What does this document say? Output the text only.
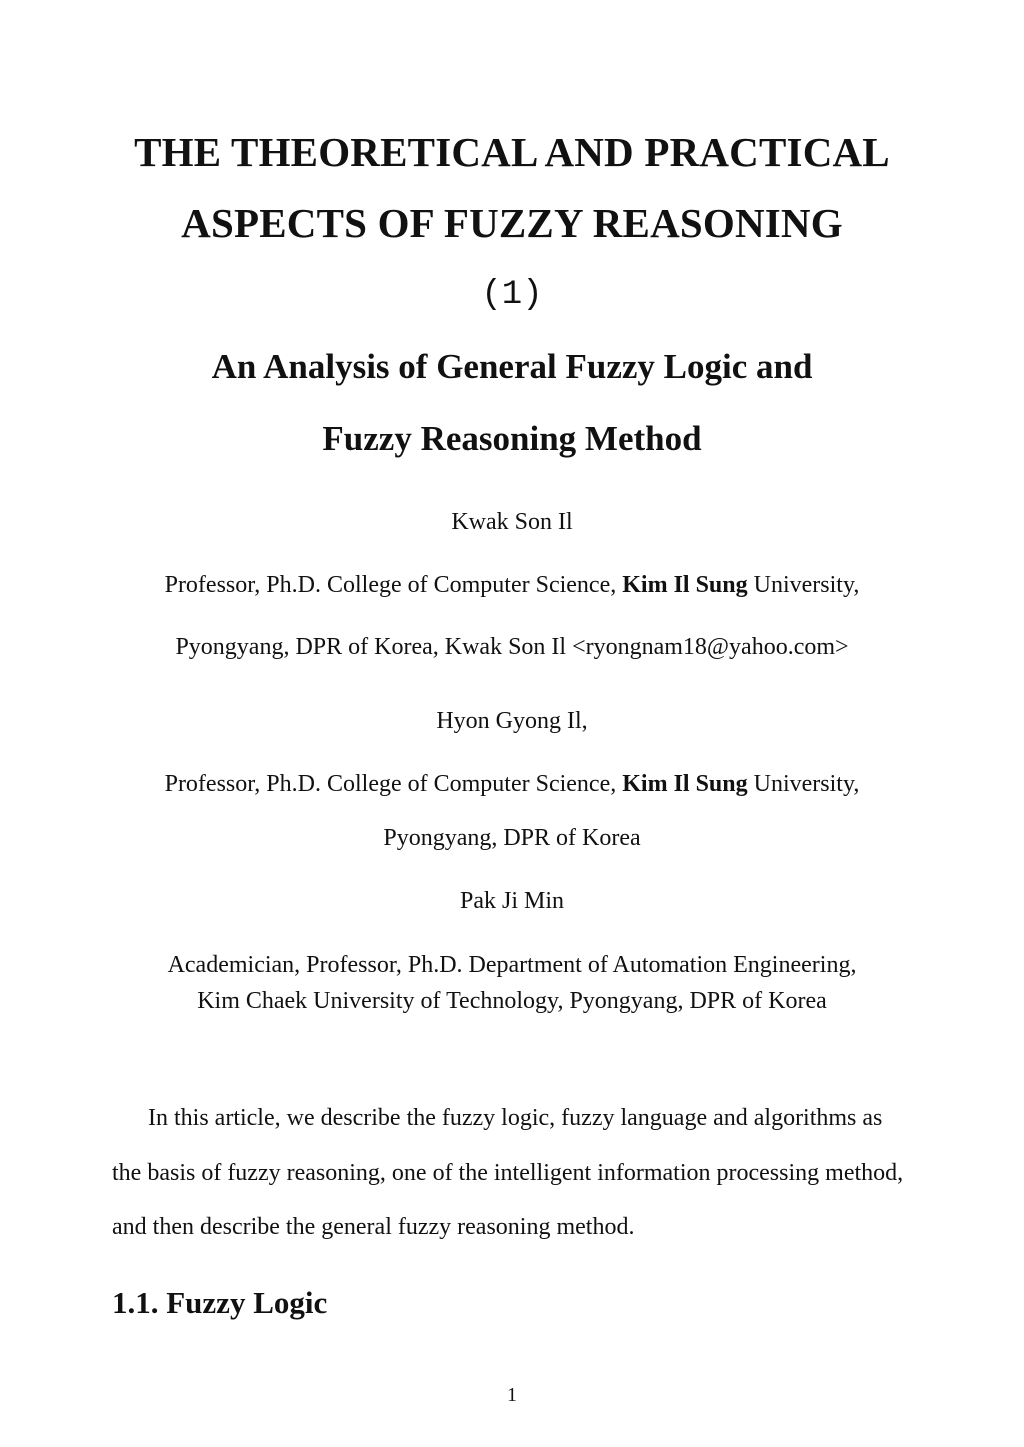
THE THEORETICAL AND PRACTICAL
ASPECTS OF FUZZY REASONING
(1)
An Analysis of General Fuzzy Logic and
Fuzzy Reasoning Method
Kwak Son Il
Professor, Ph.D. College of Computer Science, Kim Il Sung University,
Pyongyang, DPR of Korea, Kwak Son Il <ryongnam18@yahoo.com>
Hyon Gyong Il,
Professor, Ph.D. College of Computer Science, Kim Il Sung University,
Pyongyang, DPR of Korea
Pak Ji Min
Academician, Professor, Ph.D. Department of Automation Engineering,
Kim Chaek University of Technology, Pyongyang, DPR of Korea
In this article, we describe the fuzzy logic, fuzzy language and algorithms as
the basis of fuzzy reasoning, one of the intelligent information processing method,
and then describe the general fuzzy reasoning method.
1.1. Fuzzy Logic
1
